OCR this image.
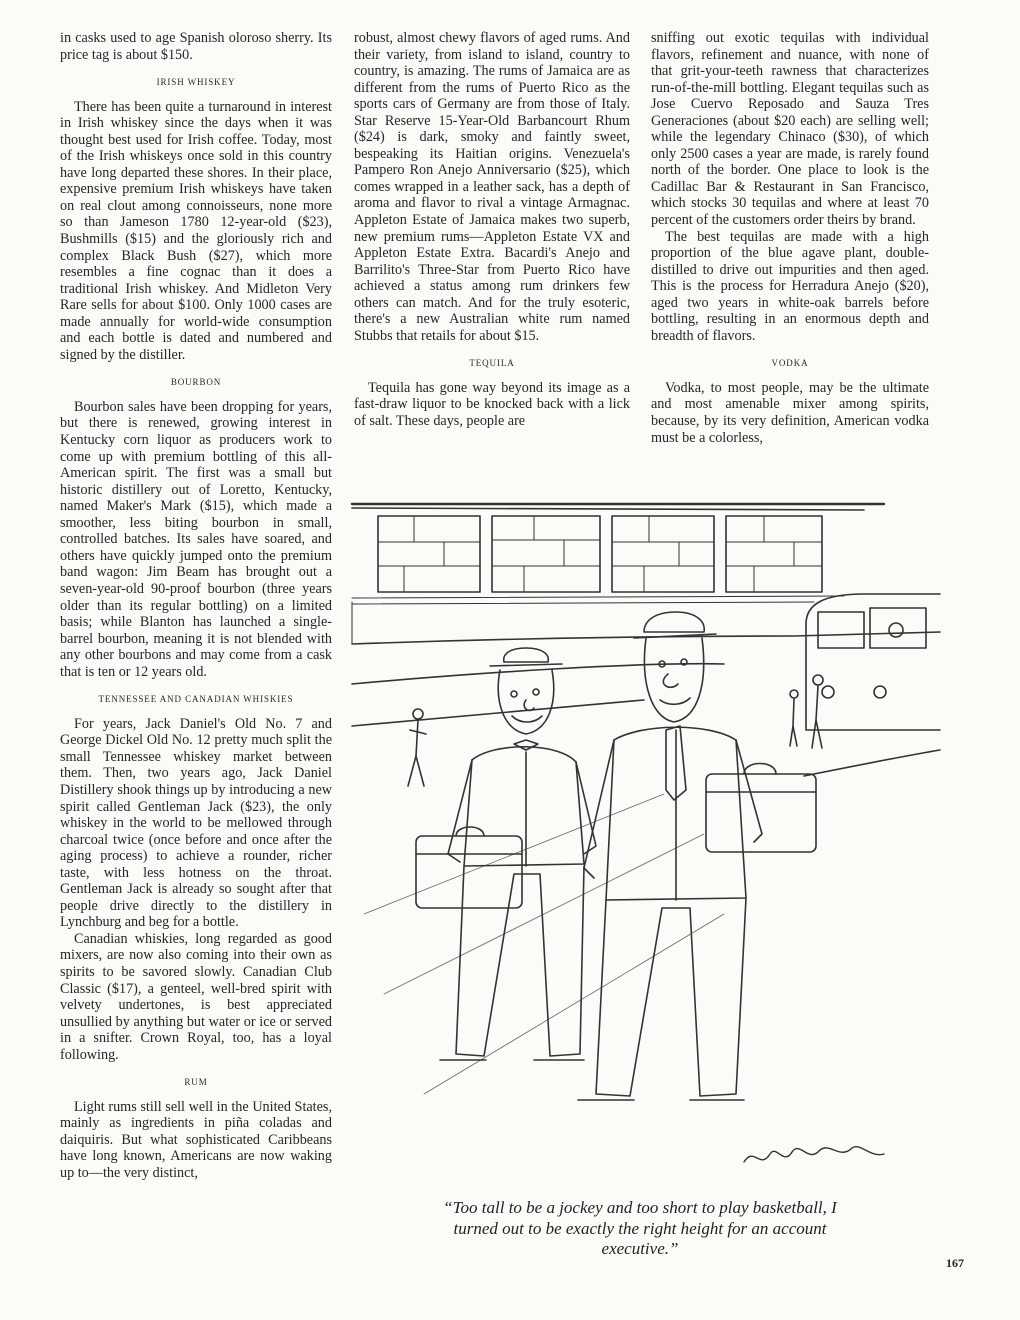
in casks used to age Spanish oloroso sherry. Its price tag is about $150.

IRISH WHISKEY

There has been quite a turnaround in interest in Irish whiskey since the days when it was thought best used for Irish coffee. Today, most of the Irish whiskeys once sold in this country have long departed these shores. In their place, expensive premium Irish whiskeys have taken on real clout among connoisseurs, none more so than Jameson 1780 12-year-old ($23), Bushmills ($15) and the gloriously rich and complex Black Bush ($27), which more resembles a fine cognac than it does a traditional Irish whiskey. And Midleton Very Rare sells for about $100. Only 1000 cases are made annually for world-wide consumption and each bottle is dated and numbered and signed by the distiller.

BOURBON

Bourbon sales have been dropping for years, but there is renewed, growing interest in Kentucky corn liquor as producers work to come up with premium bottling of this all-American spirit. The first was a small but historic distillery out of Loretto, Kentucky, named Maker's Mark ($15), which made a smoother, less biting bourbon in small, controlled batches. Its sales have soared, and others have quickly jumped onto the premium band wagon: Jim Beam has brought out a seven-year-old 90-proof bourbon (three years older than its regular bottling) on a limited basis; while Blanton has launched a single-barrel bourbon, meaning it is not blended with any other bourbons and may come from a cask that is ten or 12 years old.

TENNESSEE AND CANADIAN WHISKIES

For years, Jack Daniel's Old No. 7 and George Dickel Old No. 12 pretty much split the small Tennessee whiskey market between them. Then, two years ago, Jack Daniel Distillery shook things up by introducing a new spirit called Gentleman Jack ($23), the only whiskey in the world to be mellowed through charcoal twice (once before and once after the aging process) to achieve a rounder, richer taste, with less hotness on the throat. Gentleman Jack is already so sought after that people drive directly to the distillery in Lynchburg and beg for a bottle.

Canadian whiskies, long regarded as good mixers, are now also coming into their own as spirits to be savored slowly. Canadian Club Classic ($17), a genteel, well-bred spirit with velvety undertones, is best appreciated unsullied by anything but water or ice or served in a snifter. Crown Royal, too, has a loyal following.

RUM

Light rums still sell well in the United States, mainly as ingredients in piña coladas and daiquiris. But what sophisticated Caribbeans have long known, Americans are now waking up to—the very distinct,

robust, almost chewy flavors of aged rums. And their variety, from island to island, country to country, is amazing. The rums of Jamaica are as different from the rums of Puerto Rico as the sports cars of Germany are from those of Italy. Star Reserve 15-Year-Old Barbancourt Rhum ($24) is dark, smoky and faintly sweet, bespeaking its Haitian origins. Venezuela's Pampero Ron Anejo Anniversario ($25), which comes wrapped in a leather sack, has a depth of aroma and flavor to rival a vintage Armagnac. Appleton Estate of Jamaica makes two superb, new premium rums—Appleton Estate VX and Appleton Estate Extra. Bacardi's Anejo and Barrilito's Three-Star from Puerto Rico have achieved a status among rum drinkers few others can match. And for the truly esoteric, there's a new Australian white rum named Stubbs that retails for about $15.

TEQUILA

Tequila has gone way beyond its image as a fast-draw liquor to be knocked back with a lick of salt. These days, people are

sniffing out exotic tequilas with individual flavors, refinement and nuance, with none of that grit-your-teeth rawness that characterizes run-of-the-mill bottling. Elegant tequilas such as Jose Cuervo Reposado and Sauza Tres Generaciones (about $20 each) are selling well; while the legendary Chinaco ($30), of which only 2500 cases a year are made, is rarely found north of the border. One place to look is the Cadillac Bar & Restaurant in San Francisco, which stocks 30 tequilas and where at least 70 percent of the customers order theirs by brand.

The best tequilas are made with a high proportion of the blue agave plant, double-distilled to drive out impurities and then aged. This is the process for Herradura Anejo ($20), aged two years in white-oak barrels before bottling, resulting in an enormous depth and breadth of flavors.

VODKA

Vodka, to most people, may be the ultimate and most amenable mixer among spirits, because, by its very definition, American vodka must be a colorless,

“Too tall to be a jockey and too short to play basketball, I turned out to be exactly the right height for an account executive.”
167
